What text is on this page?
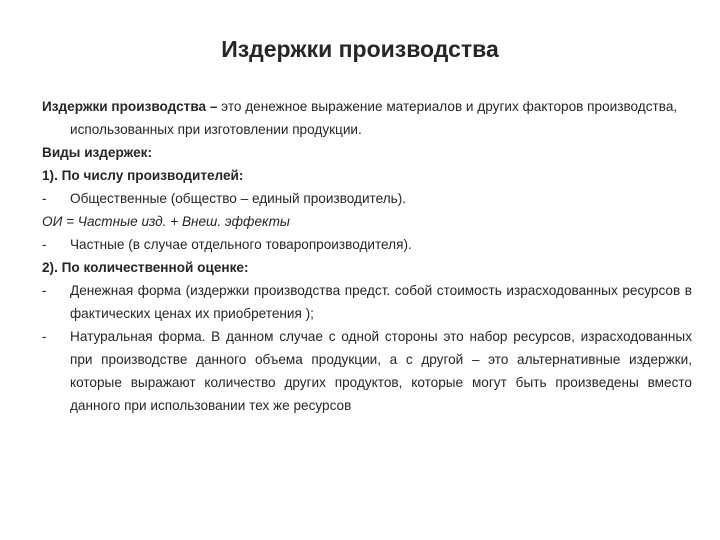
Издержки производства

Издержки производства – это денежное выражение материалов и других факторов производства, использованных при изготовлении продукции.

Виды издержек:

1). По числу производителей:

-	Общественные (общество – единый производитель).

ОИ = Частные изд. + Внеш. эффекты

-	Частные (в случае отдельного товаропроизводителя).

2). По количественной оценке:

-	Денежная форма (издержки производства предст. собой стоимость израсходованных ресурсов в фактических ценах их приобретения );
-	Натуральная форма. В данном случае с одной стороны это набор ресурсов, израсходованных при производстве данного объема продукции, а с другой – это альтернативные издержки, которые выражают количество других продуктов, которые могут быть произведены вместо данного при использовании тех же ресурсов
